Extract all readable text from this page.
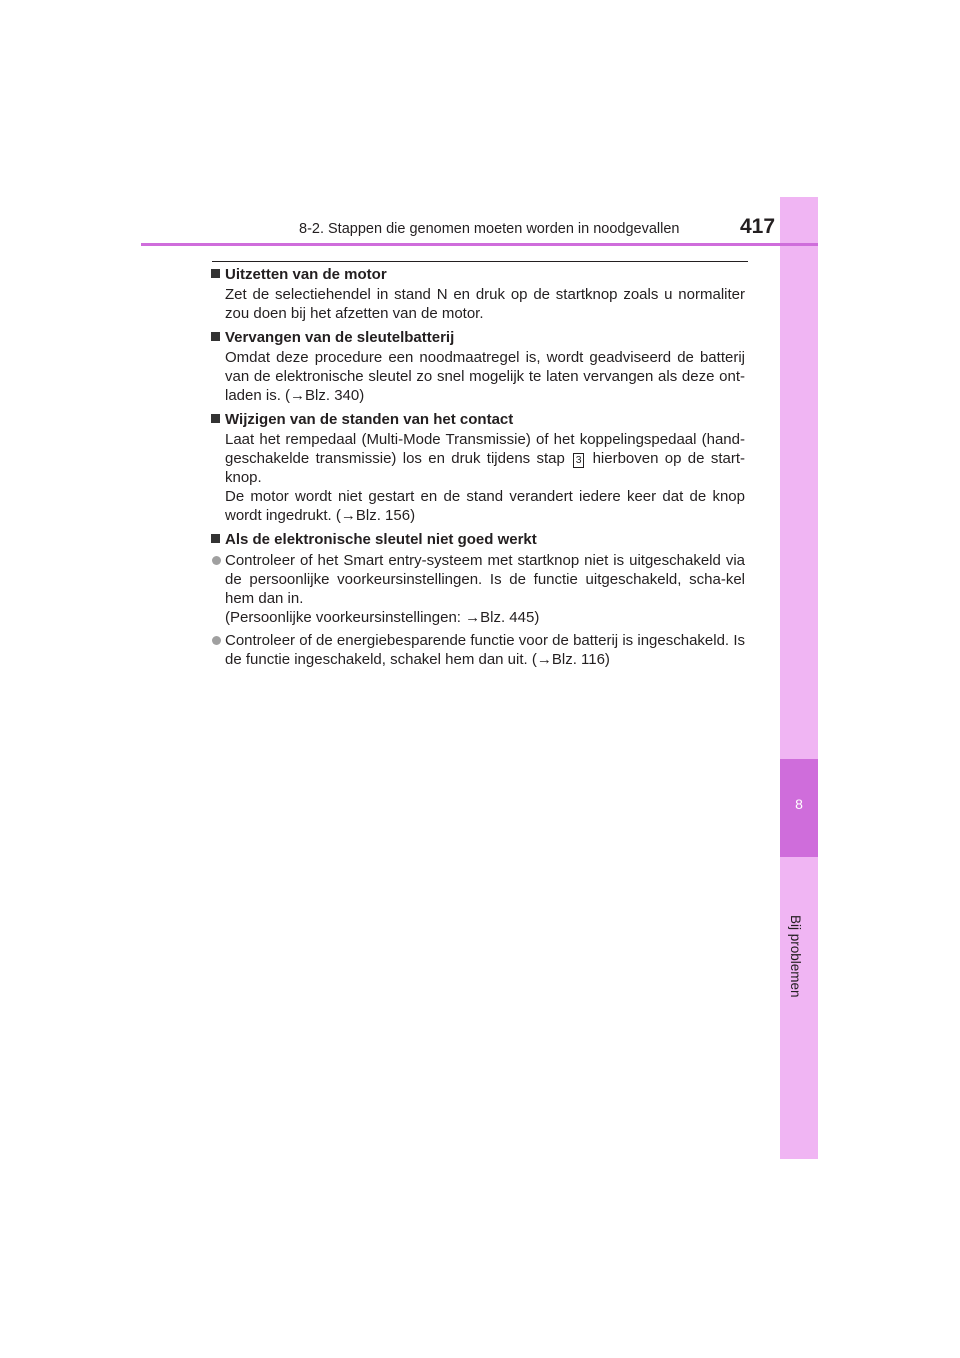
8
8-2. Stappen die genomen moeten worden in noodgevallen	417
Uitzetten van de motor

Zet de selectiehendel in stand N en druk op de startknop zoals u normaliter zou doen bij het afzetten van de motor.

Vervangen van de sleutelbatterij

Omdat deze procedure een noodmaatregel is, wordt geadviseerd de batterij van de elektronische sleutel zo snel mogelijk te laten vervangen als deze ont-laden is. (→Blz. 340)

Wijzigen van de standen van het contact

Laat het rempedaal (Multi-Mode Transmissie) of het koppelingspedaal (hand-geschakelde transmissie) los en druk tijdens stap 3 hierboven op de start-knop.

De motor wordt niet gestart en de stand verandert iedere keer dat de knop wordt ingedrukt. (→Blz. 156)

Als de elektronische sleutel niet goed werkt

Controleer of het Smart entry-systeem met startknop niet is uitgeschakeld via de persoonlijke voorkeursinstellingen. Is de functie uitgeschakeld, scha-kel hem dan in.

(Persoonlijke voorkeursinstellingen: →Blz. 445)

Controleer of de energiebesparende functie voor de batterij is ingeschakeld. Is de functie ingeschakeld, schakel hem dan uit. (→Blz. 116)
